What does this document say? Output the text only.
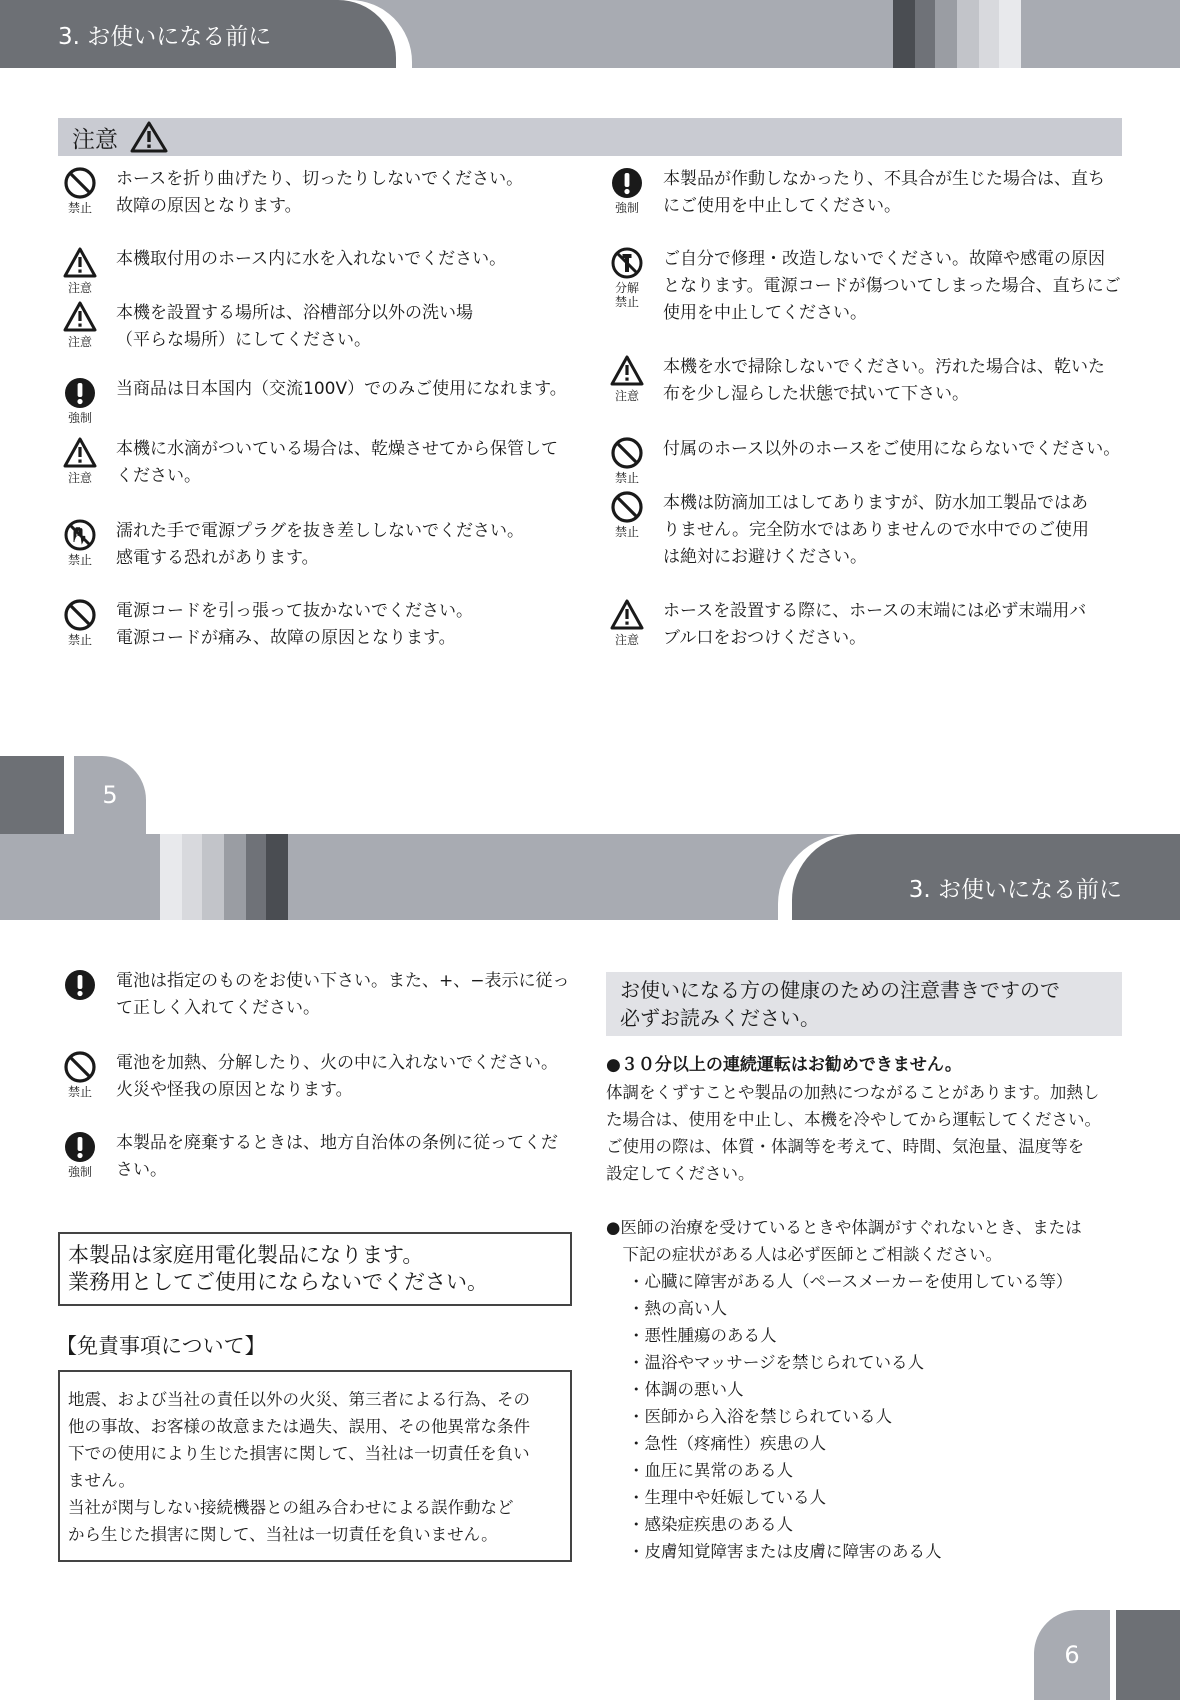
3. お使いになる前に
注意
禁止
ホースを折り曲げたり、切ったりしないでください。
故障の原因となります。
注意
本機取付用のホース内に水を入れないでください。
注意
本機を設置する場所は、浴槽部分以外の洗い場
（平らな場所）にしてください。
強制
当商品は日本国内（交流100V）でのみご使用になれます。
注意
本機に水滴がついている場合は、乾燥させてから保管して
ください。
禁止
濡れた手で電源プラグを抜き差ししないでください。
感電する恐れがあります。
禁止
電源コードを引っ張って抜かないでください。
電源コードが痛み、故障の原因となります。
強制
本製品が作動しなかったり、不具合が生じた場合は、直ち
にご使用を中止してください。
分解
禁止
ご自分で修理・改造しないでください。故障や感電の原因
となります。電源コードが傷ついてしまった場合、直ちにご
使用を中止してください。
注意
本機を水で掃除しないでください。汚れた場合は、乾いた
布を少し湿らした状態で拭いて下さい。
禁止
付属のホース以外のホースをご使用にならないでください。
禁止
本機は防滴加工はしてありますが、防水加工製品ではあ
りません。完全防水ではありませんので水中でのご使用
は絶対にお避けください。
注意
ホースを設置する際に、ホースの末端には必ず末端用バ
ブル口をおつけください。
5
3. お使いになる前に
電池は指定のものをお使い下さい。また、+、−表示に従っ
て正しく入れてください。
禁止
電池を加熱、分解したり、火の中に入れないでください。
火災や怪我の原因となります。
強制
本製品を廃棄するときは、地方自治体の条例に従ってくだ
さい。
本製品は家庭用電化製品になります。
業務用としてご使用にならないでください。
【免責事項について】
地震、および当社の責任以外の火災、第三者による行為、その
他の事故、お客様の故意または過失、誤用、その他異常な条件
下での使用により生じた損害に関して、当社は一切責任を負い
ません。
当社が関与しない接続機器との組み合わせによる誤作動など
から生じた損害に関して、当社は一切責任を負いません。
お使いになる方の健康のための注意書きですので
必ずお読みください。
●３０分以上の連続運転はお勧めできません。
体調をくずすことや製品の加熱につながることがあります。加熱し
た場合は、使用を中止し、本機を冷やしてから運転してください。
ご使用の際は、体質・体調等を考えて、時間、気泡量、温度等を
設定してください。
●医師の治療を受けているときや体調がすぐれないとき、または
　下記の症状がある人は必ず医師とご相談ください。
・心臓に障害がある人（ペースメーカーを使用している等）
・熱の高い人
・悪性腫瘍のある人
・温浴やマッサージを禁じられている人
・体調の悪い人
・医師から入浴を禁じられている人
・急性（疼痛性）疾患の人
・血圧に異常のある人
・生理中や妊娠している人
・感染症疾患のある人
・皮膚知覚障害または皮膚に障害のある人
6
